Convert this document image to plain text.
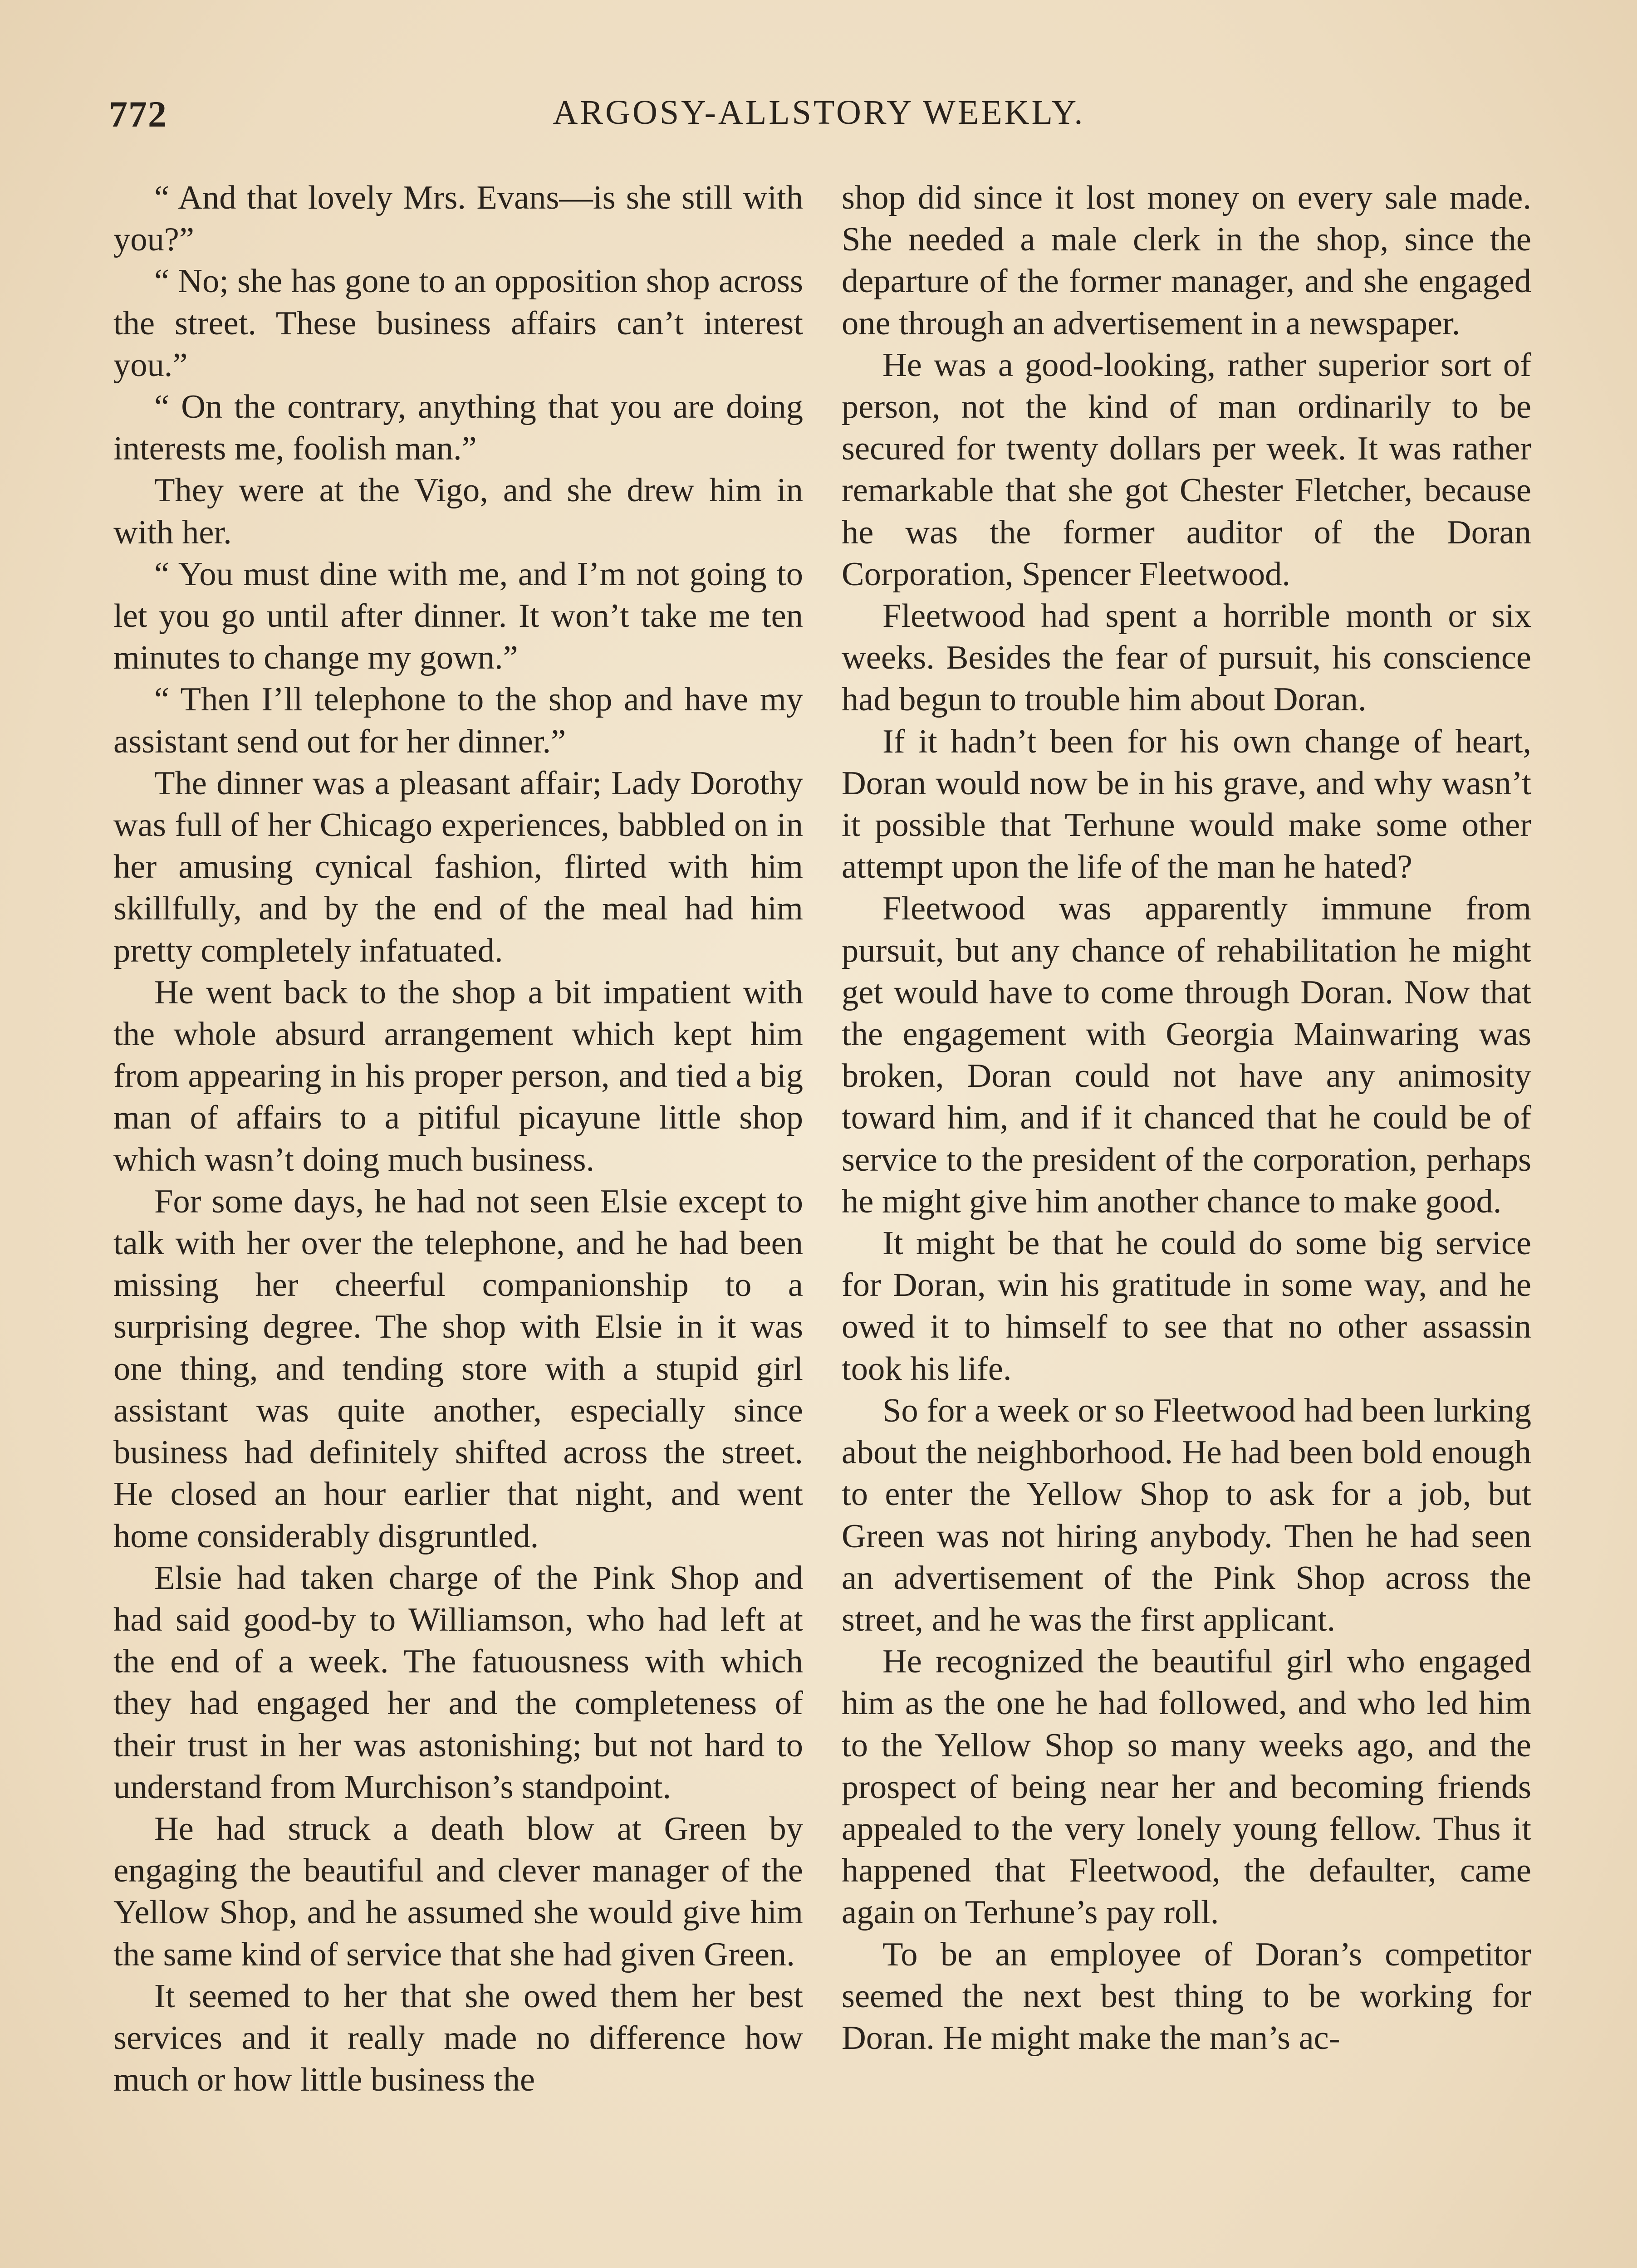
772	ARGOSY-ALLSTORY WEEKLY.

“ And that lovely Mrs. Evans—is she still with you?”

“ No; she has gone to an opposition shop across the street. These business affairs can’t interest you.”

“ On the contrary, anything that you are doing interests me, foolish man.”

They were at the Vigo, and she drew him in with her.

“ You must dine with me, and I’m not going to let you go until after dinner. It won’t take me ten minutes to change my gown.”

“ Then I’ll telephone to the shop and have my assistant send out for her dinner.”

The dinner was a pleasant affair; Lady Dorothy was full of her Chicago experiences, babbled on in her amusing cynical fashion, flirted with him skillfully, and by the end of the meal had him pretty completely infatuated.

He went back to the shop a bit impatient with the whole absurd arrangement which kept him from appearing in his proper person, and tied a big man of affairs to a pitiful picayune little shop which wasn’t doing much business.

For some days, he had not seen Elsie except to talk with her over the telephone, and he had been missing her cheerful companionship to a surprising degree. The shop with Elsie in it was one thing, and tending store with a stupid girl assistant was quite another, especially since business had definitely shifted across the street. He closed an hour earlier that night, and went home considerably disgruntled.

Elsie had taken charge of the Pink Shop and had said good-by to Williamson, who had left at the end of a week. The fatuousness with which they had engaged her and the completeness of their trust in her was astonishing; but not hard to understand from Murchison’s standpoint.

He had struck a death blow at Green by engaging the beautiful and clever manager of the Yellow Shop, and he assumed she would give him the same kind of service that she had given Green.

It seemed to her that she owed them her best services and it really made no difference how much or how little business the

shop did since it lost money on every sale made. She needed a male clerk in the shop, since the departure of the former manager, and she engaged one through an advertisement in a newspaper.

He was a good-looking, rather superior sort of person, not the kind of man ordinarily to be secured for twenty dollars per week. It was rather remarkable that she got Chester Fletcher, because he was the former auditor of the Doran Corporation, Spencer Fleetwood.

Fleetwood had spent a horrible month or six weeks. Besides the fear of pursuit, his conscience had begun to trouble him about Doran.

If it hadn’t been for his own change of heart, Doran would now be in his grave, and why wasn’t it possible that Terhune would make some other attempt upon the life of the man he hated?

Fleetwood was apparently immune from pursuit, but any chance of rehabilitation he might get would have to come through Doran. Now that the engagement with Georgia Mainwaring was broken, Doran could not have any animosity toward him, and if it chanced that he could be of service to the president of the corporation, perhaps he might give him another chance to make good.

It might be that he could do some big service for Doran, win his gratitude in some way, and he owed it to himself to see that no other assassin took his life.

So for a week or so Fleetwood had been lurking about the neighborhood. He had been bold enough to enter the Yellow Shop to ask for a job, but Green was not hiring anybody. Then he had seen an advertisement of the Pink Shop across the street, and he was the first applicant.

He recognized the beautiful girl who engaged him as the one he had followed, and who led him to the Yellow Shop so many weeks ago, and the prospect of being near her and becoming friends appealed to the very lonely young fellow. Thus it happened that Fleetwood, the defaulter, came again on Terhune’s pay roll.

To be an employee of Doran’s competitor seemed the next best thing to be working for Doran. He might make the man’s ac-
